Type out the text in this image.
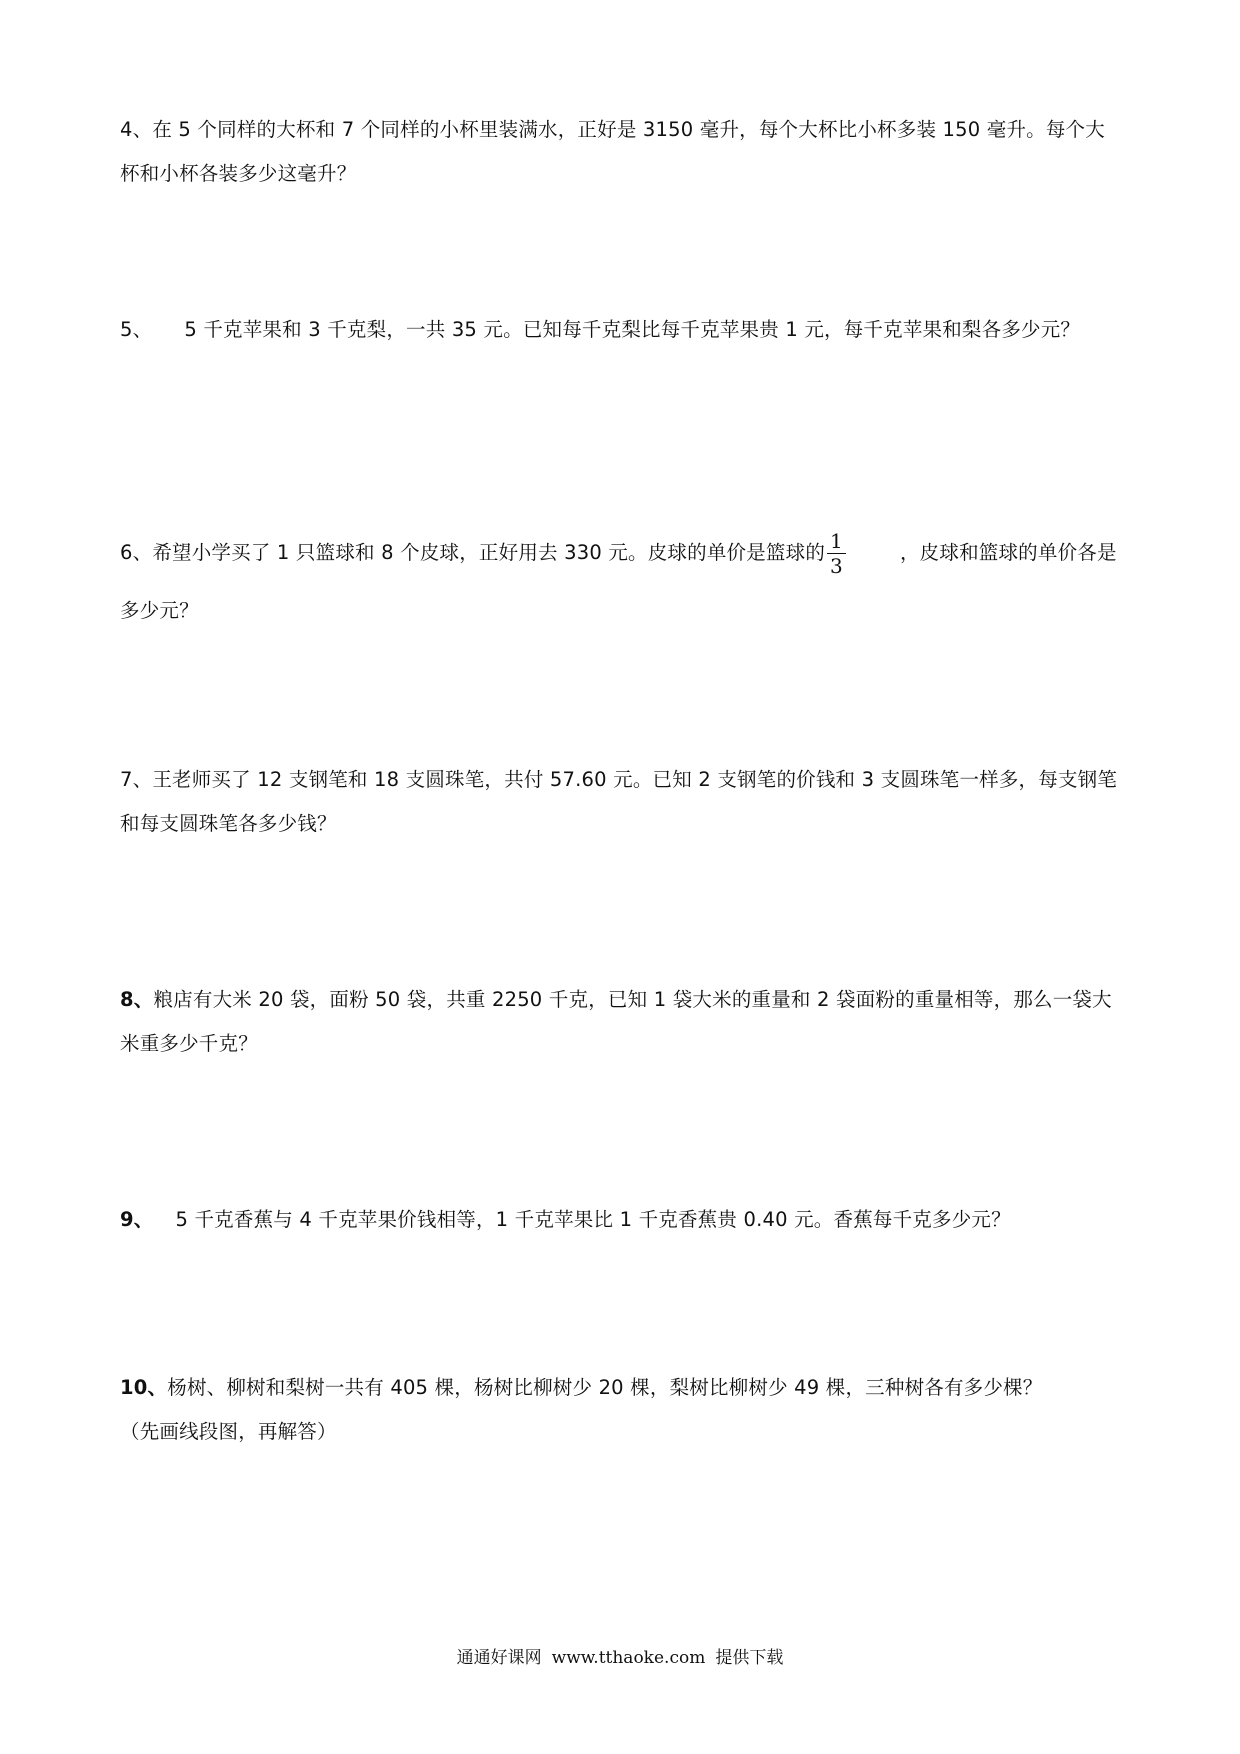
4、在 5 个同样的大杯和 7 个同样的小杯里装满水，正好是 3150 毫升，每个大杯比小杯多装 150 毫升。每个大杯和小杯各装多少这毫升？
5、 5 千克苹果和 3 千克梨，一共 35 元。已知每千克梨比每千克苹果贵 1 元，每千克苹果和梨各多少元？
6、希望小学买了 1 只篮球和 8 个皮球，正好用去 330 元。皮球的单价是篮球的 $\frac{1}{3}$	，皮球和篮球的单价各是多少元？
7、王老师买了 12 支钢笔和 18 支圆珠笔，共付 57.60 元。已知 2 支钢笔的价钱和 3 支圆珠笔一样多，每支钢笔和每支圆珠笔各多少钱？
8、粮店有大米 20 袋，面粉 50 袋，共重 2250 千克，已知 1 袋大米的重量和 2 袋面粉的重量相等，那么一袋大米重多少千克？
9、 5 千克香蕉与 4 千克苹果价钱相等，1 千克苹果比 1 千克香蕉贵 0.40 元。香蕉每千克多少元？
10、杨树、柳树和梨树一共有 405 棵，杨树比柳树少 20 棵，梨树比柳树少 49 棵，三种树各有多少棵？
（先画线段图，再解答）
通通好课网 www.tthaoke.com 提供下载
